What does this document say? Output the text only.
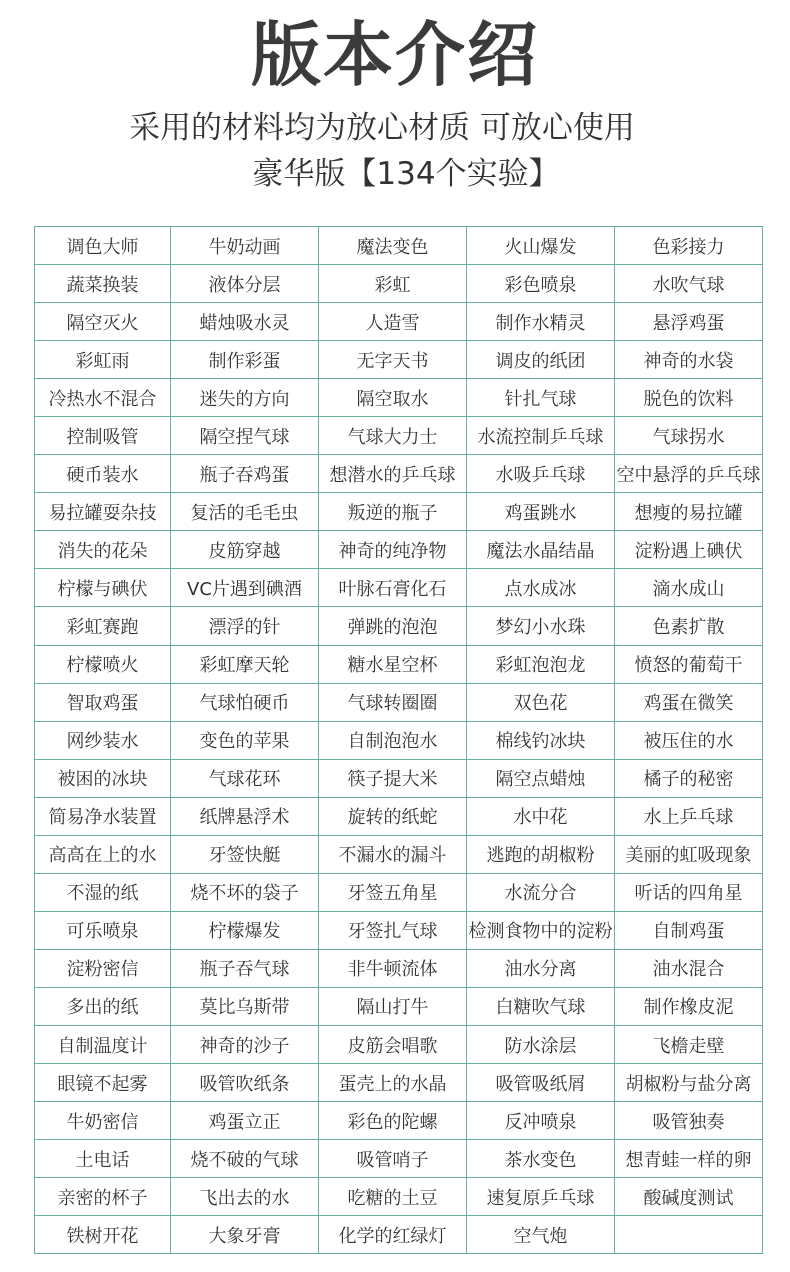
版本介绍
采用的材料均为放心材质 可放心使用
豪华版【134个实验】
调色大师	牛奶动画	魔法变色	火山爆发	色彩接力
蔬菜换装	液体分层	彩虹	彩色喷泉	水吹气球
隔空灭火	蜡烛吸水灵	人造雪	制作水精灵	悬浮鸡蛋
彩虹雨	制作彩蛋	无字天书	调皮的纸团	神奇的水袋
冷热水不混合	迷失的方向	隔空取水	针扎气球	脱色的饮料
控制吸管	隔空捏气球	气球大力士	水流控制乒乓球	气球拐水
硬币装水	瓶子吞鸡蛋	想潜水的乒乓球	水吸乒乓球	空中悬浮的乒乓球
易拉罐耍杂技	复活的毛毛虫	叛逆的瓶子	鸡蛋跳水	想瘦的易拉罐
消失的花朵	皮筋穿越	神奇的纯净物	魔法水晶结晶	淀粉遇上碘伏
柠檬与碘伏	VC片遇到碘酒	叶脉石膏化石	点水成冰	滴水成山
彩虹赛跑	漂浮的针	弹跳的泡泡	梦幻小水珠	色素扩散
柠檬喷火	彩虹摩天轮	糖水星空杯	彩虹泡泡龙	愤怒的葡萄干
智取鸡蛋	气球怕硬币	气球转圈圈	双色花	鸡蛋在微笑
网纱装水	变色的苹果	自制泡泡水	棉线钓冰块	被压住的水
被困的冰块	气球花环	筷子提大米	隔空点蜡烛	橘子的秘密
简易净水装置	纸牌悬浮术	旋转的纸蛇	水中花	水上乒乓球
高高在上的水	牙签快艇	不漏水的漏斗	逃跑的胡椒粉	美丽的虹吸现象
不湿的纸	烧不坏的袋子	牙签五角星	水流分合	听话的四角星
可乐喷泉	柠檬爆发	牙签扎气球	检测食物中的淀粉	自制鸡蛋
淀粉密信	瓶子吞气球	非牛顿流体	油水分离	油水混合
多出的纸	莫比乌斯带	隔山打牛	白糖吹气球	制作橡皮泥
自制温度计	神奇的沙子	皮筋会唱歌	防水涂层	飞檐走壁
眼镜不起雾	吸管吹纸条	蛋壳上的水晶	吸管吸纸屑	胡椒粉与盐分离
牛奶密信	鸡蛋立正	彩色的陀螺	反冲喷泉	吸管独奏
土电话	烧不破的气球	吸管哨子	茶水变色	想青蛙一样的卵
亲密的杯子	飞出去的水	吃糖的土豆	速复原乒乓球	酸碱度测试
铁树开花	大象牙膏	化学的红绿灯	空气炮	
